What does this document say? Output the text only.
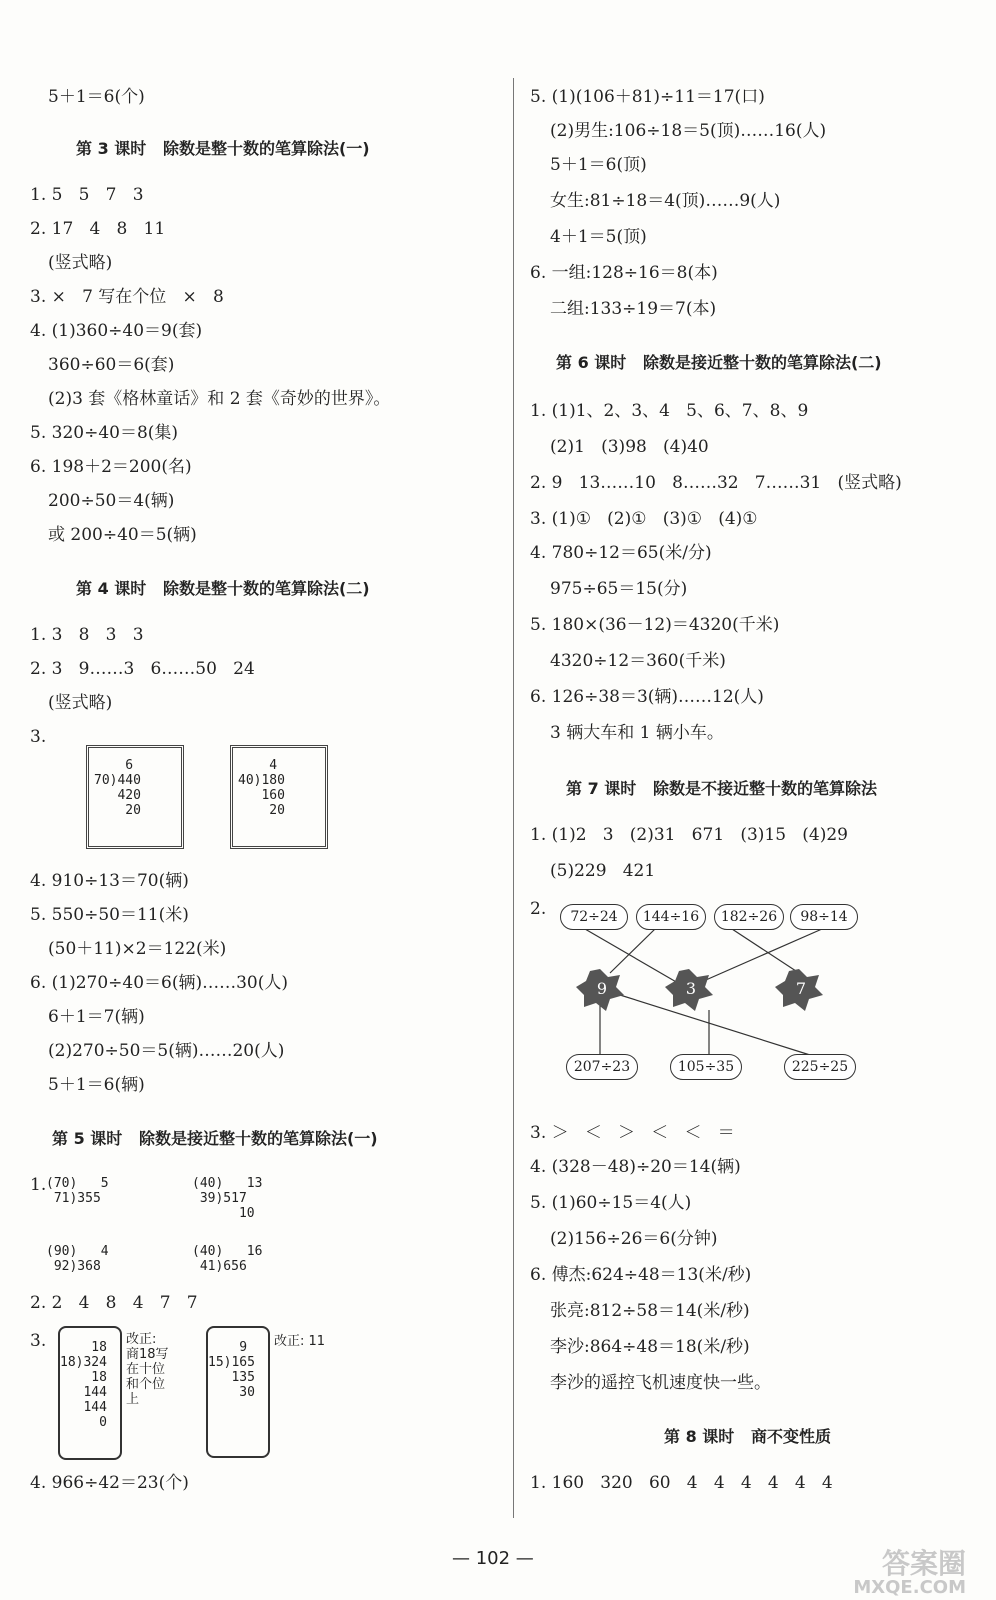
5＋1＝6(个)
第 3 课时   除数是整十数的笔算除法(一)
1. 5   5   7   3
2. 17   4   8   11
(竖式略)
3. ×   7 写在个位   ×   8
4. (1)360÷40＝9(套)
360÷60＝6(套)
(2)3 套《格林童话》和 2 套《奇妙的世界》。
5. 320÷40＝8(集)
6. 198＋2＝200(名)
200÷50＝4(辆)
或 200÷40＝5(辆)
第 4 课时   除数是整十数的笔算除法(二)
1. 3   8   3   3
2. 3   9……3   6……50   24
(竖式略)
3.
6
70)440
420
20
4
40)180
160
20
4. 910÷13＝70(辆)
5. 550÷50＝11(米)
(50＋11)×2＝122(米)
6. (1)270÷40＝6(辆)……30(人)
6＋1＝7(辆)
(2)270÷50＝5(辆)……20(人)
5＋1＝6(辆)
第 5 课时   除数是接近整十数的笔算除法(一)
1. (70)   5
71)355
(40)   13
39)517
10
(90)   4
92)368
(40)   16
41)656
2. 2   4   8   4   7   7
3.	18
18)324
18
144
144
0
改正:
商18写
在十位
和个位
上
9
15)165
135
30
改正: 11
4. 966÷42＝23(个)
5. (1)(106＋81)÷11＝17(口)
(2)男生:106÷18＝5(顶)……16(人)
5＋1＝6(顶)
女生:81÷18＝4(顶)……9(人)
4＋1＝5(顶)
6. 一组:128÷16＝8(本)
二组:133÷19＝7(本)
第 6 课时   除数是接近整十数的笔算除法(二)
1. (1)1、2、3、4   5、6、7、8、9
(2)1   (3)98   (4)40
2. 9   13……10   8……32   7……31   (竖式略)
3. (1)①   (2)①   (3)①   (4)①
4. 780÷12＝65(米/分)
975÷65＝15(分)
5. 180×(36－12)＝4320(千米)
4320÷12＝360(千米)
6. 126÷38＝3(辆)……12(人)
3 辆大车和 1 辆小车。
第 7 课时   除数是不接近整十数的笔算除法
1. (1)2   3   (2)31   671   (3)15   (4)29
(5)229   421
2.	72÷24	144÷16	182÷26	98÷14
9	3	7
207÷23	105÷35	225÷25
3. ＞   ＜   ＞   ＜   ＜   ＝
4. (328－48)÷20＝14(辆)
5. (1)60÷15＝4(人)
(2)156÷26＝6(分钟)
6. 傅杰:624÷48＝13(米/秒)
张亮:812÷58＝14(米/秒)
李沙:864÷48＝18(米/秒)
李沙的遥控飞机速度快一些。
第 8 课时   商不变性质
1. 160   320   60   4   4   4   4   4   4
— 102 —	答案圈
MXQE.COM
